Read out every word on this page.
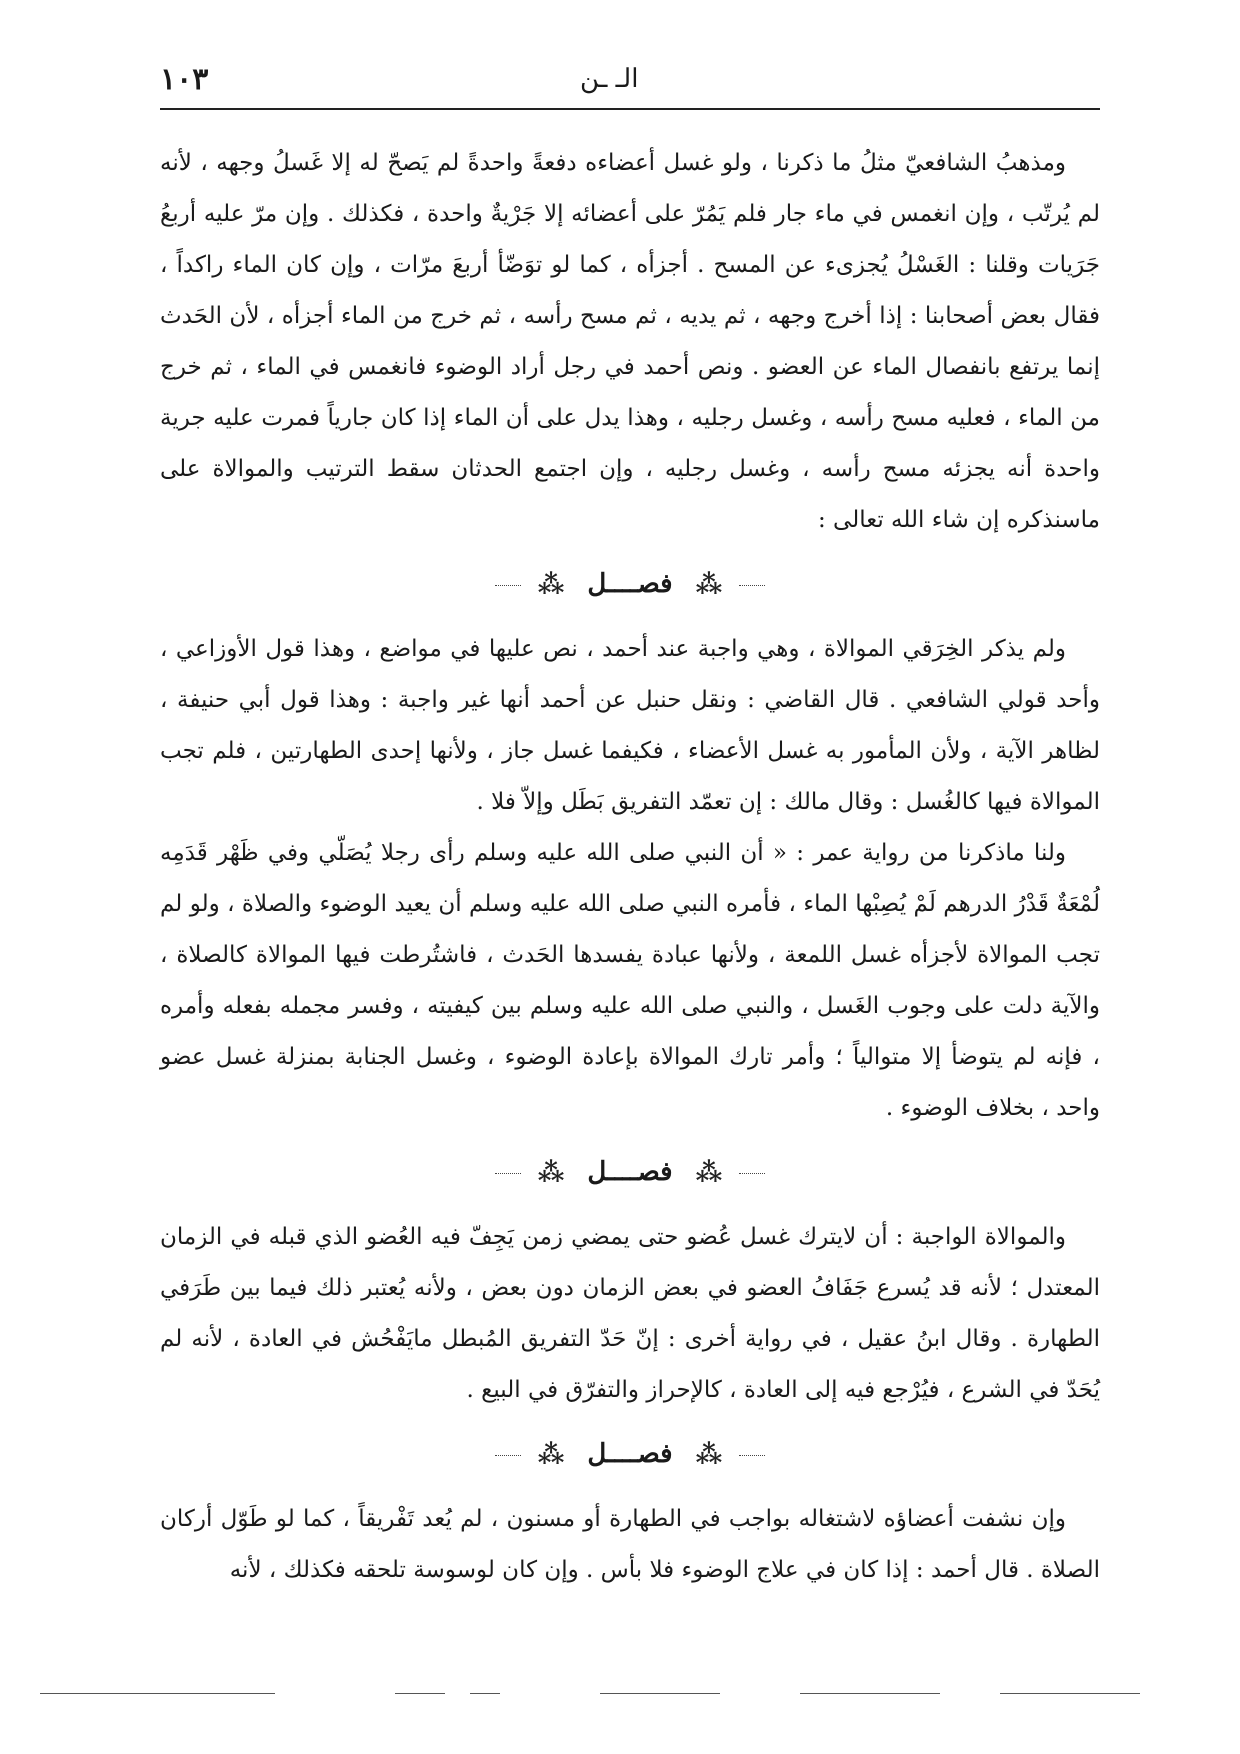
١٠٣	الـ ـن

ومذهبُ الشافعيّ مثلُ ما ذكرنا ، ولو غسل أعضاءه دفعةً واحدةً لم يَصحّ له إلا غَسلُ وجهه ، لأنه لم يُرتّب ، وإن انغمس في ماء جار فلم يَمُرّ على أعضائه إلا جَرْيةٌ واحدة ، فكذلك . وإن مرّ عليه أربعُ جَرَيات وقلنا : الغَسْلُ يُجزىء عن المسح . أجزأه ، كما لو توَضّأ أربعَ مرّات ، وإن كان الماء راكداً ، فقال بعض أصحابنا : إذا أخرج وجهه ، ثم يديه ، ثم مسح رأسه ، ثم خرج من الماء أجزأه ، لأن الحَدث إنما يرتفع بانفصال الماء عن العضو . ونص أحمد في رجل أراد الوضوء فانغمس في الماء ، ثم خرج من الماء ، فعليه مسح رأسه ، وغسل رجليه ، وهذا يدل على أن الماء إذا كان جارياً فمرت عليه جرية واحدة أنه يجزئه مسح رأسه ، وغسل رجليه ، وإن اجتمع الحدثان سقط الترتيب والموالاة على ماسنذكره إن شاء الله تعالى :

⁂ فصــــل ⁂

ولم يذكر الخِرَقي الموالاة ، وهي واجبة عند أحمد ، نص عليها في مواضع ، وهذا قول الأوزاعي ، وأحد قولي الشافعي . قال القاضي : ونقل حنبل عن أحمد أنها غير واجبة : وهذا قول أبي حنيفة ، لظاهر الآية ، ولأن المأمور به غسل الأعضاء ، فكيفما غسل جاز ، ولأنها إحدى الطهارتين ، فلم تجب الموالاة فيها كالغُسل : وقال مالك : إن تعمّد التفريق بَطَل وإلاّ فلا .

ولنا ماذكرنا من رواية عمر : « أن النبي صلى الله عليه وسلم رأى رجلا يُصَلّي وفي ظَهْر قَدَمِه لُمْعَةٌ قَدْرُ الدرهم لَمْ يُصِبْها الماء ، فأمره النبي صلى الله عليه وسلم أن يعيد الوضوء والصلاة ، ولو لم تجب الموالاة لأجزأه غسل اللمعة ، ولأنها عبادة يفسدها الحَدث ، فاشتُرطت فيها الموالاة كالصلاة ، والآية دلت على وجوب الغَسل ، والنبي صلى الله عليه وسلم بين كيفيته ، وفسر مجمله بفعله وأمره ، فإنه لم يتوضأ إلا متوالياً ؛ وأمر تارك الموالاة بإعادة الوضوء ، وغسل الجنابة بمنزلة غسل عضو واحد ، بخلاف الوضوء .

⁂ فصــــل ⁂

والموالاة الواجبة : أن لايترك غسل عُضو حتى يمضي زمن يَجِفّ فيه العُضو الذي قبله في الزمان المعتدل ؛ لأنه قد يُسرع جَفَافُ العضو في بعض الزمان دون بعض ، ولأنه يُعتبر ذلك فيما بين طَرَفي الطهارة . وقال ابنُ عقيل ، في رواية أخرى : إنّ حَدّ التفريق المُبطل مايَفْحُش في العادة ، لأنه لم يُحَدّ في الشرع ، فيُرْجع فيه إلى العادة ، كالإحراز والتفرّق في البيع .

⁂ فصــــل ⁂

وإن نشفت أعضاؤه لاشتغاله بواجب في الطهارة أو مسنون ، لم يُعد تَفْريقاً ، كما لو طَوّل أركان الصلاة . قال أحمد : إذا كان في علاج الوضوء فلا بأس . وإن كان لوسوسة تلحقه فكذلك ، لأنه
